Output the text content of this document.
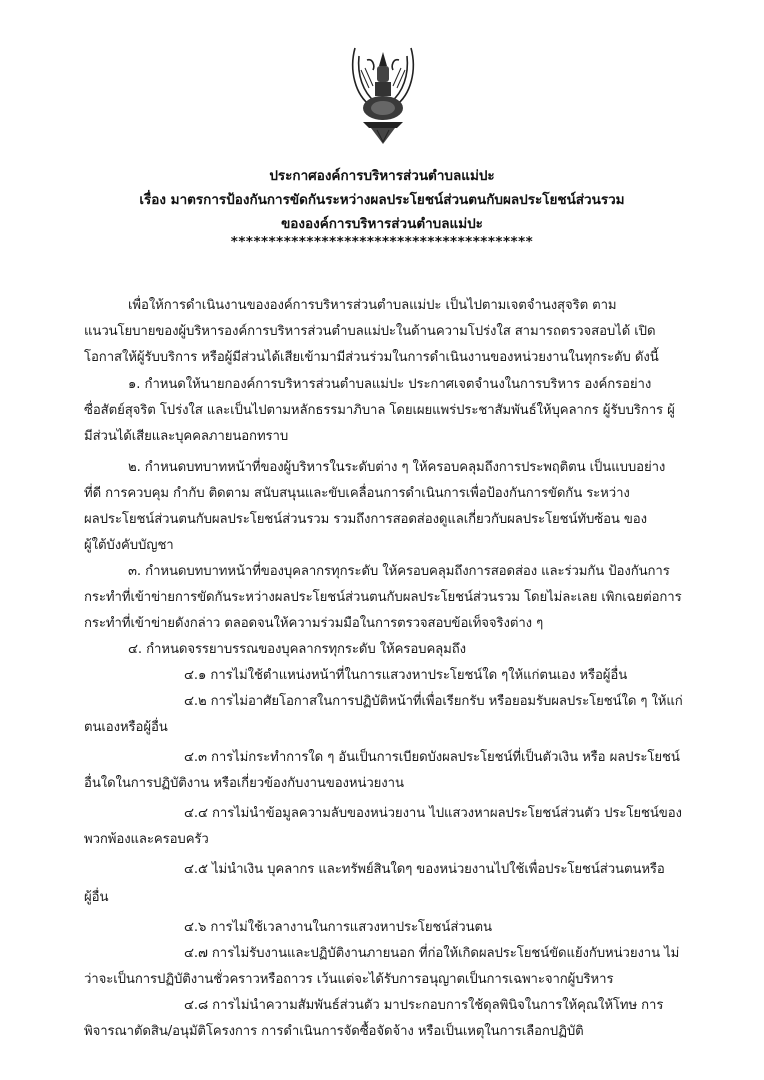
ประกาศองค์การบริหารส่วนตำบลแม่ปะ
เรื่อง มาตรการป้องกันการขัดกันระหว่างผลประโยชน์ส่วนตนกับผลประโยชน์ส่วนรวม
ขององค์การบริหารส่วนตำบลแม่ปะ
****************************************
เพื่อให้การดำเนินงานขององค์การบริหารส่วนตำบลแม่ปะ เป็นไปตามเจตจำนงสุจริต ตาม
แนวนโยบายของผู้บริหารองค์การบริหารส่วนตำบลแม่ปะในด้านความโปร่งใส สามารถตรวจสอบได้ เปิด
โอกาสให้ผู้รับบริการ หรือผู้มีส่วนได้เสียเข้ามามีส่วนร่วมในการดำเนินงานของหน่วยงานในทุกระดับ ดังนี้
๑. กำหนดให้นายกองค์การบริหารส่วนตำบลแม่ปะ ประกาศเจตจำนงในการบริหาร องค์กรอย่าง
ซื่อสัตย์สุจริต โปร่งใส และเป็นไปตามหลักธรรมาภิบาล โดยเผยแพร่ประชาสัมพันธ์ให้บุคลากร ผู้รับบริการ ผู้
มีส่วนได้เสียและบุคคลภายนอกทราบ
๒. กำหนดบทบาทหน้าที่ของผู้บริหารในระดับต่าง ๆ ให้ครอบคลุมถึงการประพฤติตน เป็นแบบอย่าง
ที่ดี การควบคุม กำกับ ติดตาม สนับสนุนและขับเคลื่อนการดำเนินการเพื่อป้องกันการขัดกัน ระหว่าง
ผลประโยชน์ส่วนตนกับผลประโยชน์ส่วนรวม รวมถึงการสอดส่องดูแลเกี่ยวกับผลประโยชน์ทับซ้อน ของ
ผู้ใต้บังคับบัญชา
๓. กำหนดบทบาทหน้าที่ของบุคลากรทุกระดับ ให้ครอบคลุมถึงการสอดส่อง และร่วมกัน ป้องกันการ
กระทำที่เข้าข่ายการขัดกันระหว่างผลประโยชน์ส่วนตนกับผลประโยชน์ส่วนรวม โดยไม่ละเลย เพิกเฉยต่อการ
กระทำที่เข้าข่ายดังกล่าว ตลอดจนให้ความร่วมมือในการตรวจสอบข้อเท็จจริงต่าง ๆ
๔. กำหนดจรรยาบรรณของบุคลากรทุกระดับ ให้ครอบคลุมถึง
๔.๑ การไม่ใช้ตำแหน่งหน้าที่ในการแสวงหาประโยชน์ใด ๆให้แก่ตนเอง หรือผู้อื่น
๔.๒ การไม่อาศัยโอกาสในการปฏิบัติหน้าที่เพื่อเรียกรับ หรือยอมรับผลประโยชน์ใด ๆ ให้แก่
ตนเองหรือผู้อื่น
๔.๓ การไม่กระทำการใด ๆ อันเป็นการเบียดบังผลประโยชน์ที่เป็นตัวเงิน หรือ ผลประโยชน์
อื่นใดในการปฏิบัติงาน หรือเกี่ยวข้องกับงานของหน่วยงาน
๔.๔ การไม่นำข้อมูลความลับของหน่วยงาน ไปแสวงหาผลประโยชน์ส่วนตัว ประโยชน์ของ
พวกพ้องและครอบครัว
๔.๕ ไม่นำเงิน บุคลากร และทรัพย์สินใดๆ ของหน่วยงานไปใช้เพื่อประโยชน์ส่วนตนหรือ
ผู้อื่น
๔.๖ การไม่ใช้เวลางานในการแสวงหาประโยชน์ส่วนตน
๔.๗ การไม่รับงานและปฏิบัติงานภายนอก ที่ก่อให้เกิดผลประโยชน์ขัดแย้งกับหน่วยงาน ไม่
ว่าจะเป็นการปฏิบัติงานชั่วคราวหรือถาวร เว้นแต่จะได้รับการอนุญาตเป็นการเฉพาะจากผู้บริหาร
๔.๘ การไม่นำความสัมพันธ์ส่วนตัว มาประกอบการใช้ดุลพินิจในการให้คุณให้โทษ การ
พิจารณาตัดสิน/อนุมัติโครงการ การดำเนินการจัดซื้อจัดจ้าง หรือเป็นเหตุในการเลือกปฏิบัติ
